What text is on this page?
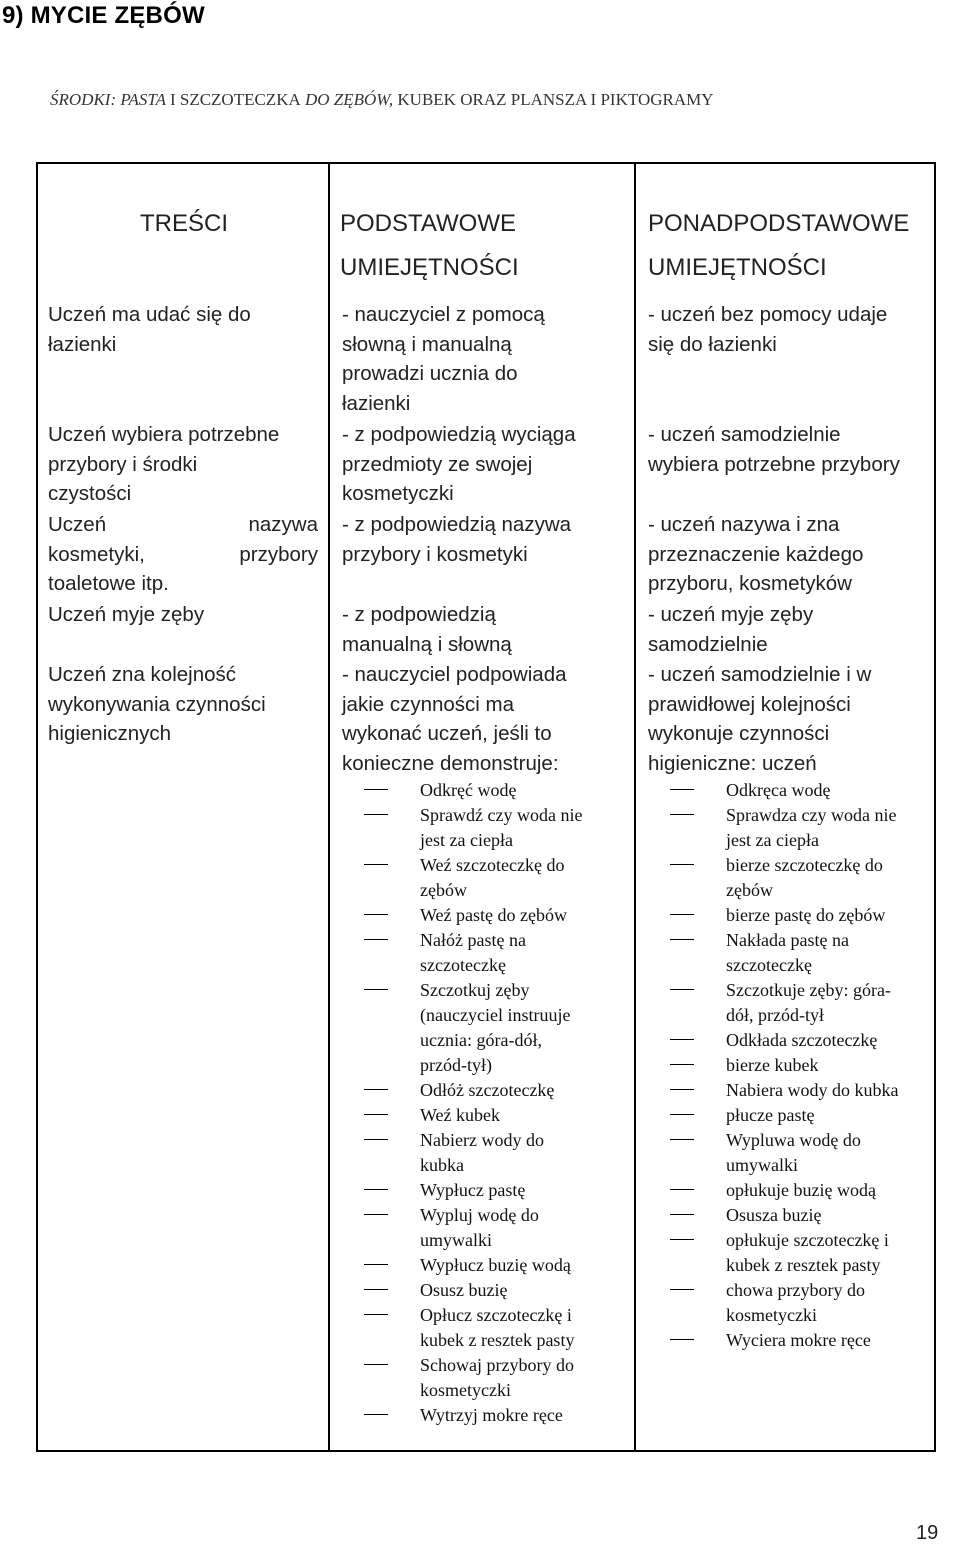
9) MYCIE ZĘBÓW
ŚRODKI: PASTA I SZCZOTECZKA DO ZĘBÓW, KUBEK ORAZ PLANSZA I PIKTOGRAMY
TREŚCI
Uczeń ma udać się do
łazienki
Uczeń wybiera potrzebne
przybory i środki
czystości
Uczeń	nazywa
kosmetyki,	przybory
toaletowe itp.
Uczeń myje zęby
Uczeń zna kolejność
wykonywania czynności
higienicznych
PODSTAWOWE
UMIEJĘTNOŚCI
- nauczyciel z pomocą
słowną i manualną
prowadzi ucznia do
łazienki
- z podpowiedzią wyciąga
przedmioty ze swojej
kosmetyczki
- z podpowiedzią nazywa
przybory i kosmetyki
- z podpowiedzią
manualną i słowną
- nauczyciel podpowiada
jakie czynności ma
wykonać uczeń, jeśli to
konieczne demonstruje:
Odkręć wodę
Sprawdź czy woda nie
jest za ciepła
Weź szczoteczkę do
zębów
Weź pastę do zębów
Nałóż pastę na
szczoteczkę
Szczotkuj zęby
(nauczyciel instruuje
ucznia: góra-dół,
przód-tył)
Odłóż szczoteczkę
Weź kubek
Nabierz wody do
kubka
Wypłucz pastę
Wypluj wodę do
umywalki
Wypłucz buzię wodą
Osusz buzię
Opłucz szczoteczkę i
kubek z resztek pasty
Schowaj przybory do
kosmetyczki
Wytrzyj mokre ręce
PONADPODSTAWOWE
UMIEJĘTNOŚCI
- uczeń bez pomocy udaje
się do łazienki
- uczeń samodzielnie
wybiera potrzebne przybory
- uczeń nazywa i zna
przeznaczenie każdego
przyboru, kosmetyków
- uczeń myje zęby
samodzielnie
- uczeń samodzielnie i w
prawidłowej kolejności
wykonuje czynności
higieniczne: uczeń
Odkręca wodę
Sprawdza czy woda nie
jest za ciepła
bierze szczoteczkę do
zębów
bierze pastę do zębów
Nakłada pastę na
szczoteczkę
Szczotkuje zęby: góra-
dół, przód-tył
Odkłada szczoteczkę
bierze kubek
Nabiera wody do kubka
płucze pastę
Wypluwa wodę do
umywalki
opłukuje buzię wodą
Osusza buzię
opłukuje szczoteczkę i
kubek z resztek pasty
chowa przybory do
kosmetyczki
Wyciera mokre ręce
19
